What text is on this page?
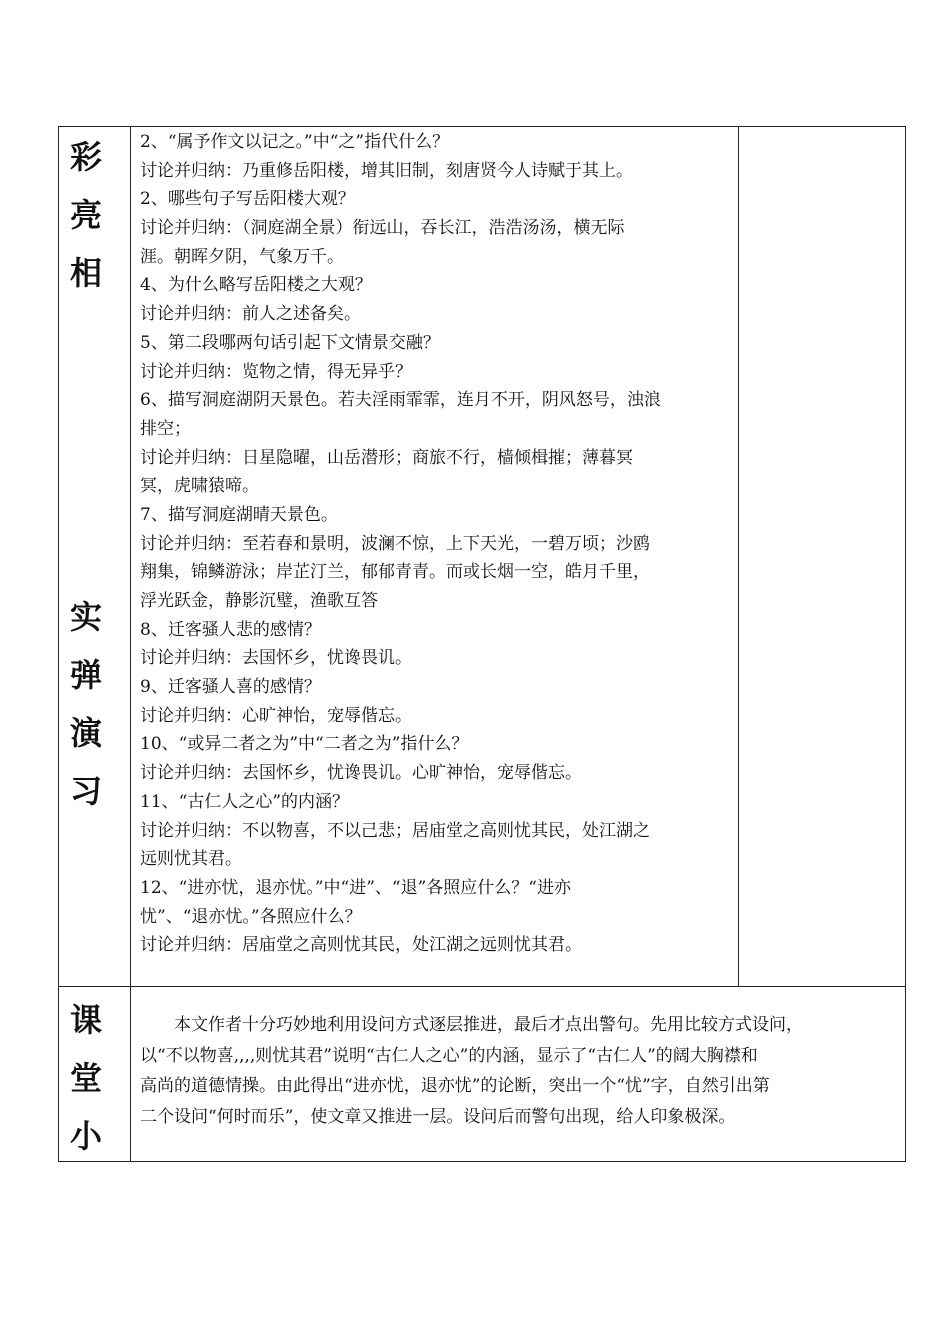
彩
亮
相
实
弹
演
习
课
堂
小
2、“属予作文以记之。”中“之”指代什么？
讨论并归纳：乃重修岳阳楼，增其旧制，刻唐贤今人诗赋于其上。
2、哪些句子写岳阳楼大观？
讨论并归纳：（洞庭湖全景）衔远山，吞长江，浩浩汤汤，横无际
涯。朝晖夕阴，气象万千。
4、为什么略写岳阳楼之大观？
讨论并归纳：前人之述备矣。
5、第二段哪两句话引起下文情景交融？
讨论并归纳：览物之情，得无异乎？
6、描写洞庭湖阴天景色。若夫淫雨霏霏，连月不开，阴风怒号，浊浪
排空；
讨论并归纳：日星隐曜，山岳潜形；商旅不行，樯倾楫摧；薄暮冥
冥，虎啸猿啼。
7、描写洞庭湖晴天景色。
讨论并归纳：至若春和景明，波澜不惊，上下天光，一碧万顷；沙鸥
翔集，锦鳞游泳；岸芷汀兰，郁郁青青。而或长烟一空，皓月千里，
浮光跃金，静影沉璧，渔歌互答
8、迁客骚人悲的感情？
讨论并归纳：去国怀乡，忧谗畏讥。
9、迁客骚人喜的感情？
讨论并归纳：心旷神怡，宠辱偕忘。
10、“或异二者之为”中“二者之为”指什么？
讨论并归纳：去国怀乡，忧谗畏讥。心旷神怡，宠辱偕忘。
11、“古仁人之心”的内涵？
讨论并归纳：不以物喜，不以己悲；居庙堂之高则忧其民，处江湖之
远则忧其君。
12、“进亦忧，退亦忧。”中“进”、“退”各照应什么？“进亦
忧”、“退亦忧。”各照应什么？
讨论并归纳：居庙堂之高则忧其民，处江湖之远则忧其君。
　　本文作者十分巧妙地利用设问方式逐层推进，最后才点出警句。先用比较方式设问，
以“不以物喜,,,,则忧其君”说明“古仁人之心”的内涵，显示了“古仁人”的阔大胸襟和
高尚的道德情操。由此得出“进亦忧，退亦忧”的论断，突出一个“忧”字，自然引出第
二个设问“何时而乐”，使文章又推进一层。设问后而警句出现，给人印象极深。
